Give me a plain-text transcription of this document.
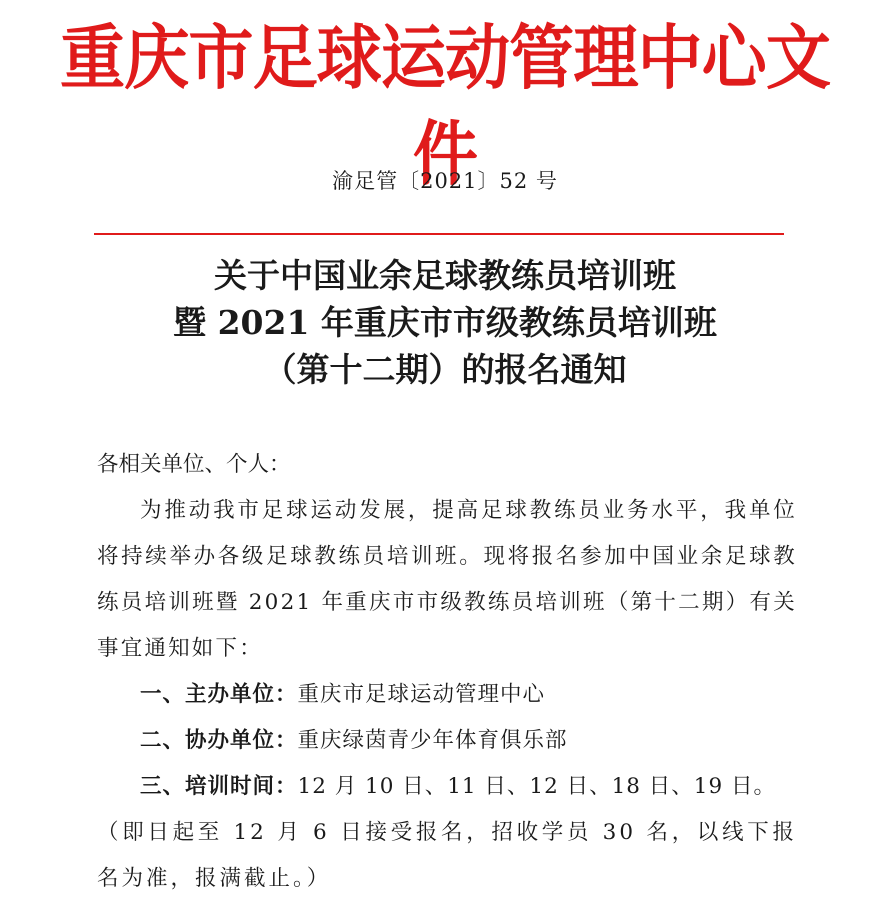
重庆市足球运动管理中心文件
渝足管〔2021〕52 号
关于中国业余足球教练员培训班
暨 2021 年重庆市市级教练员培训班
（第十二期）的报名通知
各相关单位、个人：
为推动我市足球运动发展，提高足球教练员业务水平，我单位将持续举办各级足球教练员培训班。现将报名参加中国业余足球教练员培训班暨 2021 年重庆市市级教练员培训班（第十二期）有关事宜通知如下：
一、主办单位：重庆市足球运动管理中心
二、协办单位：重庆绿茵青少年体育俱乐部
三、培训时间：12 月 10 日、11 日、12 日、18 日、19 日。
（即日起至 12 月 6 日接受报名，招收学员 30 名，以线下报名为准，报满截止。）
